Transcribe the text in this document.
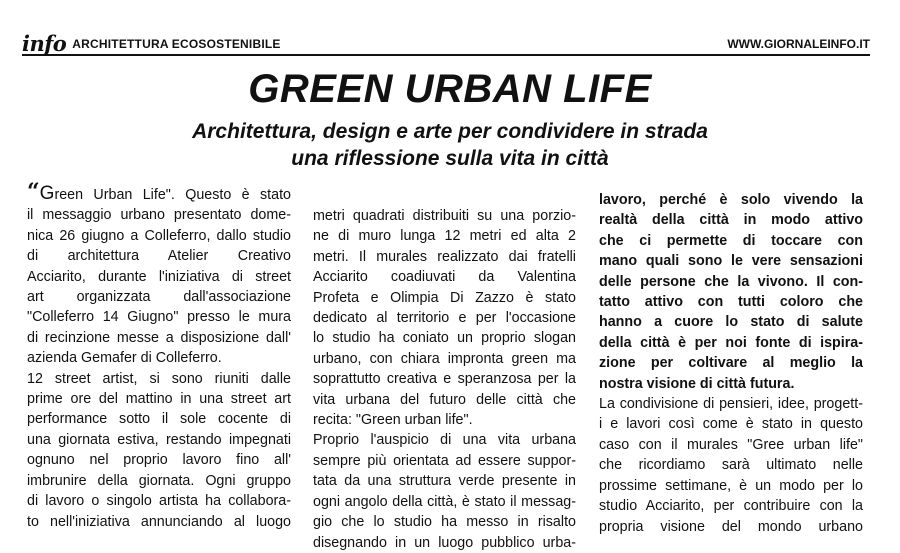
info ARCHITETTURA ECOSOSTENIBILE	WWW.GIORNALEINFO.IT
GREEN URBAN LIFE
Architettura, design e arte per condividere in strada
una riflessione sulla vita in città
“Green Urban Life". Questo è stato
il messaggio urbano presentato dome-
nica 26 giugno a Colleferro, dallo studio
di architettura Atelier Creativo
Acciarito, durante l'iniziativa di street
art organizzata dall'associazione
"Colleferro 14 Giugno" presso le mura
di recinzione messe a disposizione dall'
azienda Gemafer di Colleferro.
12 street artist, si sono riuniti dalle
prime ore del mattino in una street art
performance sotto il sole cocente di
una giornata estiva, restando impegnati
ognuno nel proprio lavoro fino all'
imbrunire della giornata. Ogni gruppo
di lavoro o singolo artista ha collabora-
to nell'iniziativa annunciando al luogo
metri quadrati distribuiti su una porzio-
ne di muro lunga 12 metri ed alta 2
metri. Il murales realizzato dai fratelli
Acciarito coadiuvati da Valentina
Profeta e Olimpia Di Zazzo è stato
dedicato al territorio e per l'occasione
lo studio ha coniato un proprio slogan
urbano, con chiara impronta green ma
soprattutto creativa e speranzosa per la
vita urbana del futuro delle città che
recita: "Green urban life".
Proprio l'auspicio di una vita urbana
sempre più orientata ad essere suppor-
tata da una struttura verde presente in
ogni angolo della città, è stato il messag-
gio che lo studio ha messo in risalto
disegnando in un luogo pubblico urba-
lavoro, perché è solo vivendo la
realtà della città in modo attivo
che ci permette di toccare con
mano quali sono le vere sensazioni
delle persone che la vivono. Il con-
tatto attivo con tutti coloro che
hanno a cuore lo stato di salute
della città è per noi fonte di ispira-
zione per coltivare al meglio la
nostra visione di città futura.
La condivisione di pensieri, idee, progett-
i e lavori così come è stato in questo
caso con il murales "Gree urban life"
che ricordiamo sarà ultimato nelle
prossime settimane, è un modo per lo
studio Acciarito, per contribuire con la
propria visione del mondo urbano
